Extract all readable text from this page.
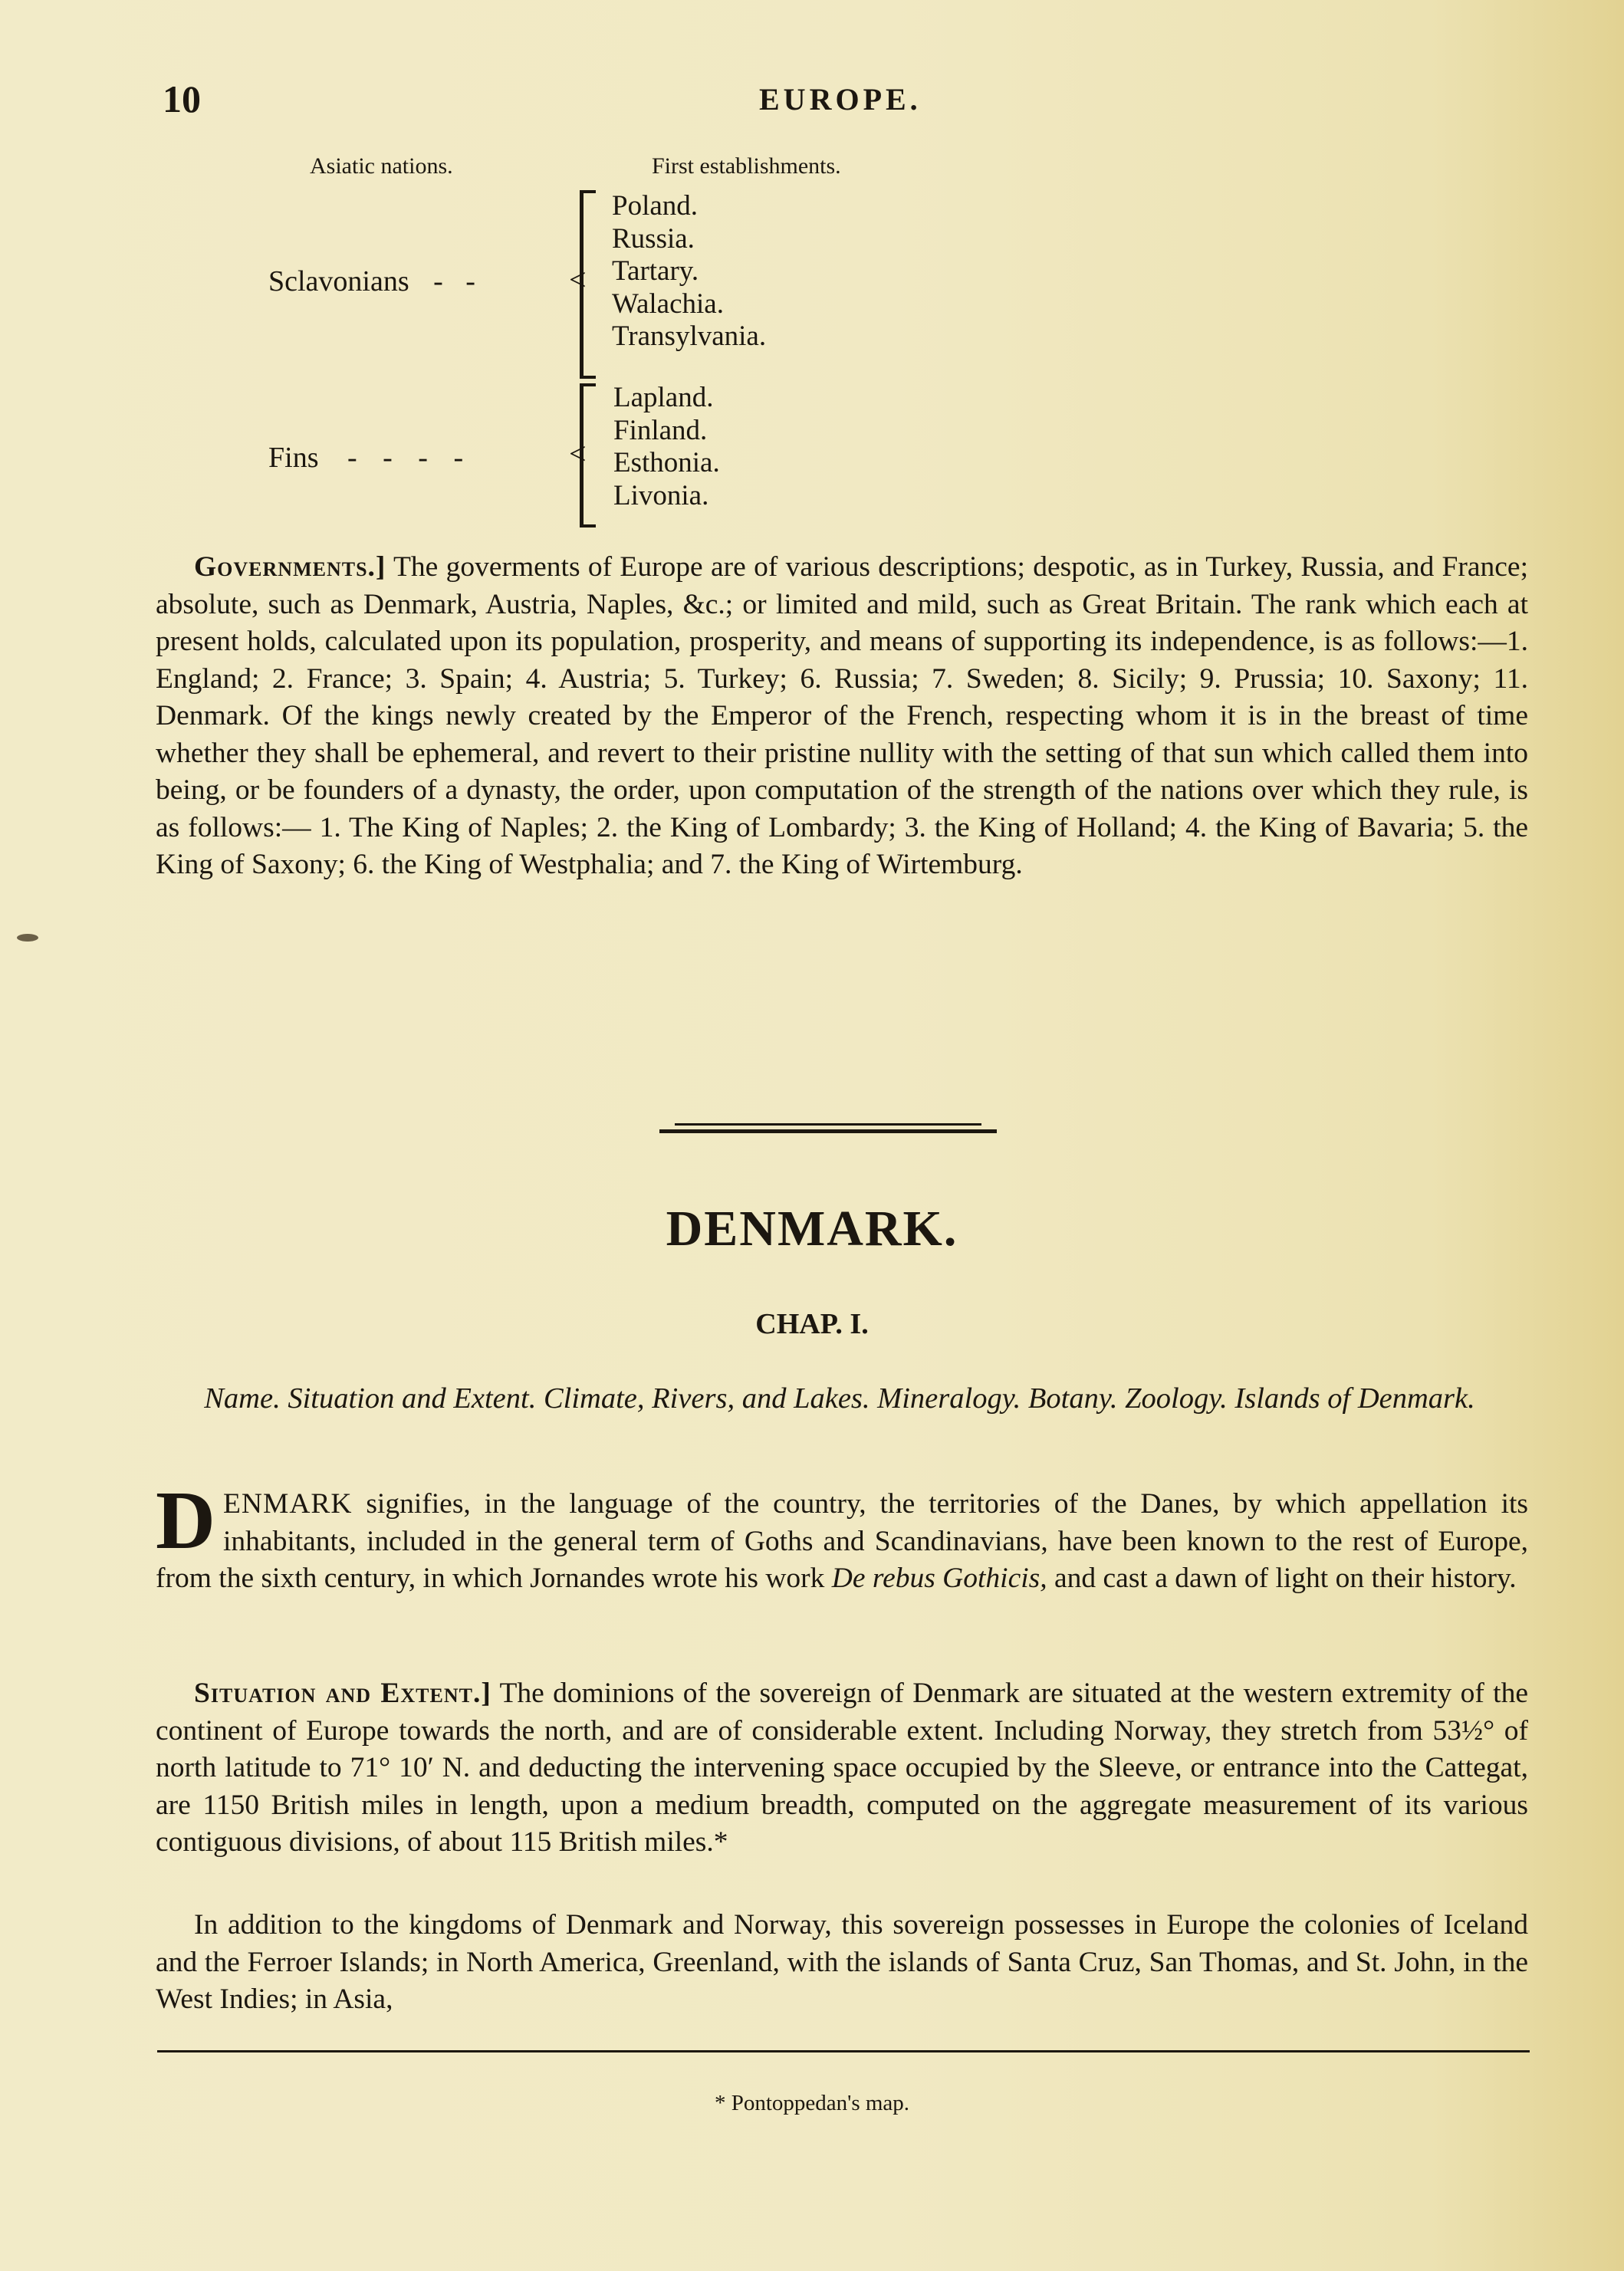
10	EUROPE.
Asiatic nations.	First establishments.
Sclavonians - -	<
Poland.
Russia.
Tartary.
Walachia.
Transylvania.
Fins - - - -	<
Lapland.
Finland.
Esthonia.
Livonia.
Governments.] The goverments of Europe are of various descriptions; despotic, as in Turkey, Russia, and France; absolute, such as Denmark, Austria, Naples, &c.; or limited and mild, such as Great Britain. The rank which each at present holds, calculated upon its population, prosperity, and means of supporting its independence, is as follows:—1. England; 2. France; 3. Spain; 4. Austria; 5. Turkey; 6. Russia; 7. Sweden; 8. Sicily; 9. Prussia; 10. Saxony; 11. Denmark. Of the kings newly created by the Emperor of the French, respecting whom it is in the breast of time whether they shall be ephemeral, and revert to their pristine nullity with the setting of that sun which called them into being, or be founders of a dynasty, the order, upon computation of the strength of the nations over which they rule, is as follows:— 1. The King of Naples; 2. the King of Lombardy; 3. the King of Holland; 4. the King of Bavaria; 5. the King of Saxony; 6. the King of Westphalia; and 7. the King of Wirtemburg.
DENMARK.
CHAP. I.
Name. Situation and Extent. Climate, Rivers, and Lakes. Mineralogy. Botany. Zoology. Islands of Denmark.
DENMARK signifies, in the language of the country, the territories of the Danes, by which appellation its inhabitants, included in the general term of Goths and Scandinavians, have been known to the rest of Europe, from the sixth century, in which Jornandes wrote his work De rebus Gothicis, and cast a dawn of light on their history.
Situation and Extent.] The dominions of the sovereign of Denmark are situated at the western extremity of the continent of Europe towards the north, and are of considerable extent. Including Norway, they stretch from 53½° of north latitude to 71° 10′ N. and deducting the intervening space occupied by the Sleeve, or entrance into the Cattegat, are 1150 British miles in length, upon a medium breadth, computed on the aggregate measurement of its various contiguous divisions, of about 115 British miles.*
In addition to the kingdoms of Denmark and Norway, this sovereign possesses in Europe the colonies of Iceland and the Ferroer Islands; in North America, Greenland, with the islands of Santa Cruz, San Thomas, and St. John, in the West Indies; in Asia,
* Pontoppedan's map.
